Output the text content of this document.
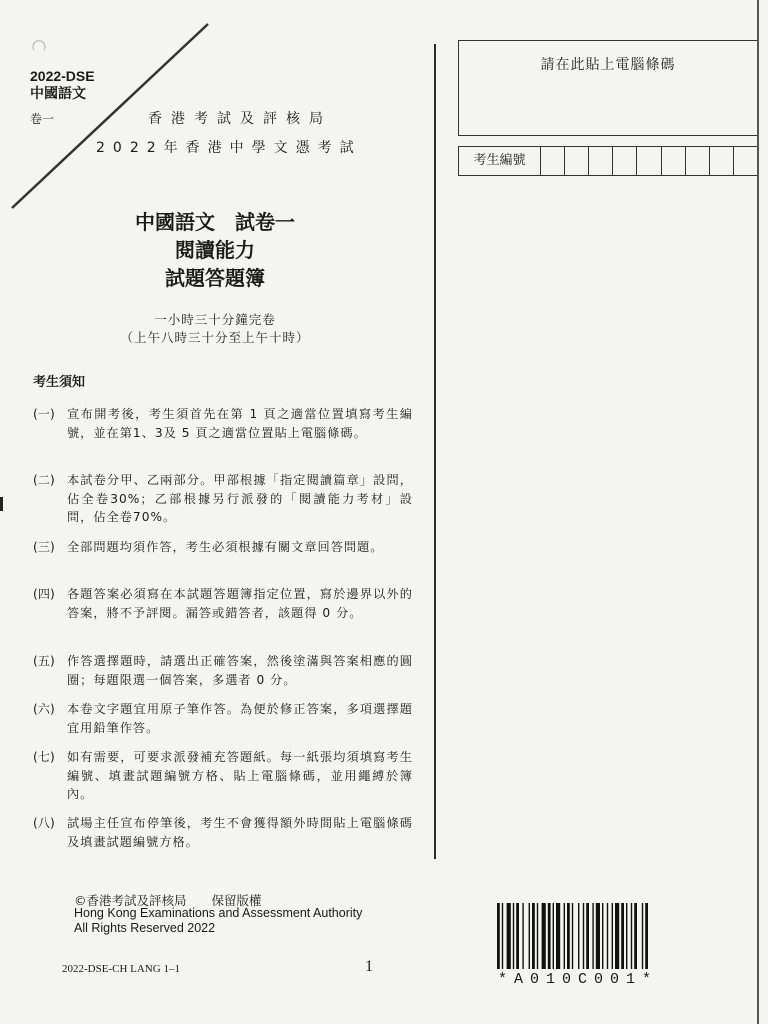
2022-DSE
中國語文
卷一	香港考試及評核局
2022年香港中學文憑考試
中國語文　試卷一
閱讀能力
試題答題簿
一小時三十分鐘完卷
（上午八時三十分至上午十時）
考生須知
(一)	宣布開考後，考生須首先在第 1 頁之適當位置填寫考生編號，並在第1、3及 5 頁之適當位置貼上電腦條碼。
(二)	本試卷分甲、乙兩部分。甲部根據「指定閱讀篇章」設問，佔全卷30%；乙部根據另行派發的「閱讀能力考材」設問，佔全卷70%。
(三)	全部問題均須作答，考生必須根據有關文章回答問題。
(四)	各題答案必須寫在本試題答題簿指定位置，寫於邊界以外的答案，將不予評閱。漏答或錯答者，該題得 0 分。
(五)	作答選擇題時，請選出正確答案，然後塗滿與答案相應的圓圈；每題限選一個答案，多選者 0 分。
(六)	本卷文字題宜用原子筆作答。為便於修正答案，多項選擇題宜用鉛筆作答。
(七)	如有需要，可要求派發補充答題紙。每一紙張均須填寫考生編號、填畫試題編號方格、貼上電腦條碼，並用繩縛於簿內。
(八)	試場主任宣布停筆後，考生不會獲得額外時間貼上電腦條碼及填畫試題編號方格。
請在此貼上電腦條碼
考生編號
©香港考試及評核局　　保留版權
Hong Kong Examinations and Assessment Authority
All Rights Reserved 2022
2022-DSE-CH LANG 1–1	1
*A010C001*
